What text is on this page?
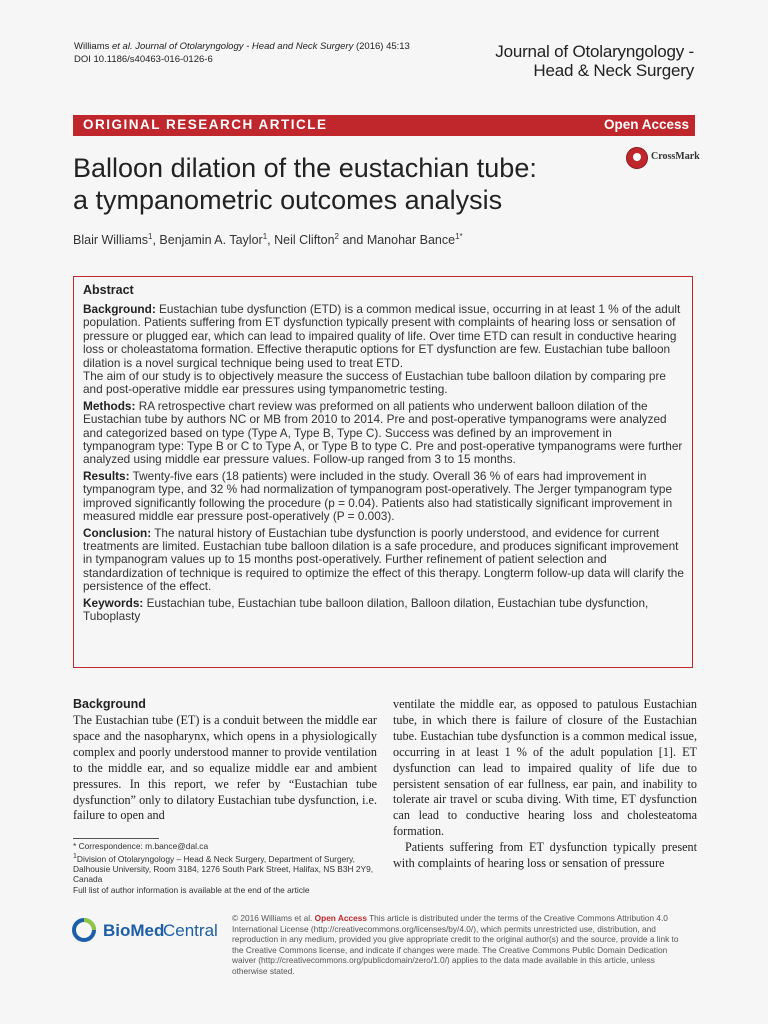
Williams et al. Journal of Otolaryngology - Head and Neck Surgery (2016) 45:13
DOI 10.1186/s40463-016-0126-6	Journal of Otolaryngology -
Head & Neck Surgery
ORIGINAL RESEARCH ARTICLE	Open Access
Balloon dilation of the eustachian tube:
a tympanometric outcomes analysis
CrossMark
Blair Williams$^1$, Benjamin A. Taylor$^1$, Neil Clifton$^2$ and Manohar Bance$^{1*}$
Abstract

Background: Eustachian tube dysfunction (ETD) is a common medical issue, occurring in at least 1 % of the adult population. Patients suffering from ET dysfunction typically present with complaints of hearing loss or sensation of pressure or plugged ear, which can lead to impaired quality of life. Over time ETD can result in conductive hearing loss or choleastatoma formation. Effective theraputic options for ET dysfunction are few. Eustachian tube balloon dilation is a novel surgical technique being used to treat ETD.
The aim of our study is to objectively measure the success of Eustachian tube balloon dilation by comparing pre and post-operative middle ear pressures using tympanometric testing.

Methods: RA retrospective chart review was preformed on all patients who underwent balloon dilation of the Eustachian tube by authors NC or MB from 2010 to 2014. Pre and post-operative tympanograms were analyzed and categorized based on type (Type A, Type B, Type C). Success was defined by an improvement in tympanogram type: Type B or C to Type A, or Type B to type C. Pre and post-operative tympanograms were further analyzed using middle ear pressure values. Follow-up ranged from 3 to 15 months.

Results: Twenty-five ears (18 patients) were included in the study. Overall 36 % of ears had improvement in tympanogram type, and 32 % had normalization of tympanogram post-operatively. The Jerger tympanogram type improved significantly following the procedure (p = 0.04). Patients also had statistically significant improvement in measured middle ear pressure post-operatively (P = 0.003).

Conclusion: The natural history of Eustachian tube dysfunction is poorly understood, and evidence for current treatments are limited. Eustachian tube balloon dilation is a safe procedure, and produces significant improvement in tympanogram values up to 15 months post-operatively. Further refinement of patient selection and standardization of technique is required to optimize the effect of this therapy. Longterm follow-up data will clarify the persistence of the effect.

Keywords: Eustachian tube, Eustachian tube balloon dilation, Balloon dilation, Eustachian tube dysfunction, Tuboplasty

Background

The Eustachian tube (ET) is a conduit between the middle ear space and the nasopharynx, which opens in a physiologically complex and poorly understood manner to provide ventilation to the middle ear, and so equalize middle ear and ambient pressures. In this report, we refer by “Eustachian tube dysfunction” only to dilatory Eustachian tube dysfunction, i.e. failure to open and

ventilate the middle ear, as opposed to patulous Eustachian tube, in which there is failure of closure of the Eustachian tube. Eustachian tube dysfunction is a common medical issue, occurring in at least 1 % of the adult population [1]. ET dysfunction can lead to impaired quality of life due to persistent sensation of ear fullness, ear pain, and inability to tolerate air travel or scuba diving. With time, ET dysfunction can lead to conductive hearing loss and cholesteatoma formation.

Patients suffering from ET dysfunction typically present with complaints of hearing loss or sensation of pressure

* Correspondence: m.bance@dal.ca

$^1$Division of Otolaryngology – Head & Neck Surgery, Department of Surgery, Dalhousie University, Room 3184, 1276 South Park Street, Halifax, NS B3H 2Y9, Canada

Full list of author information is available at the end of the article

BioMed
Central
© 2016 Williams et al. Open Access This article is distributed under the terms of the Creative Commons Attribution 4.0 International License (http://creativecommons.org/licenses/by/4.0/), which permits unrestricted use, distribution, and reproduction in any medium, provided you give appropriate credit to the original author(s) and the source, provide a link to the Creative Commons license, and indicate if changes were made. The Creative Commons Public Domain Dedication waiver (http://creativecommons.org/publicdomain/zero/1.0/) applies to the data made available in this article, unless otherwise stated.
